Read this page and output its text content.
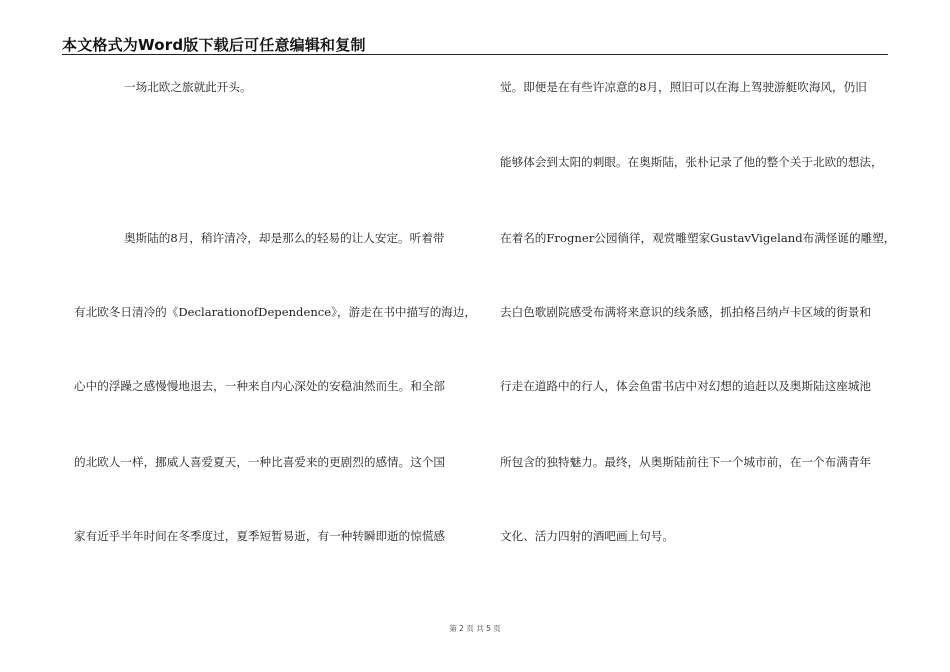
本文格式为Word版下载后可任意编辑和复制
一场北欧之旅就此开头。
奥斯陆的8月，稍许清冷，却是那么的轻易的让人安定。听着带
有北欧冬日清冷的《DeclarationofDependence》，游走在书中描写的海边，
心中的浮躁之感慢慢地退去，一种来自内心深处的安稳油然而生。和全部
的北欧人一样，挪威人喜爱夏天，一种比喜爱来的更剧烈的感情。这个国
家有近乎半年时间在冬季度过，夏季短暂易逝，有一种转瞬即逝的惊慌感
觉。即便是在有些许凉意的8月，照旧可以在海上驾驶游艇吹海风，仍旧
能够体会到太阳的刺眼。在奥斯陆，张朴记录了他的整个关于北欧的想法，
在着名的Frogner公园徜徉，观赏雕塑家GustavVigeland布满怪诞的雕塑，
去白色歌剧院感受布满将来意识的线条感，抓拍格吕纳卢卡区域的街景和
行走在道路中的行人，体会鱼雷书店中对幻想的追赶以及奥斯陆这座城池
所包含的独特魅力。最终，从奥斯陆前往下一个城市前，在一个布满青年
文化、活力四射的酒吧画上句号。
第 2 页 共 5 页
